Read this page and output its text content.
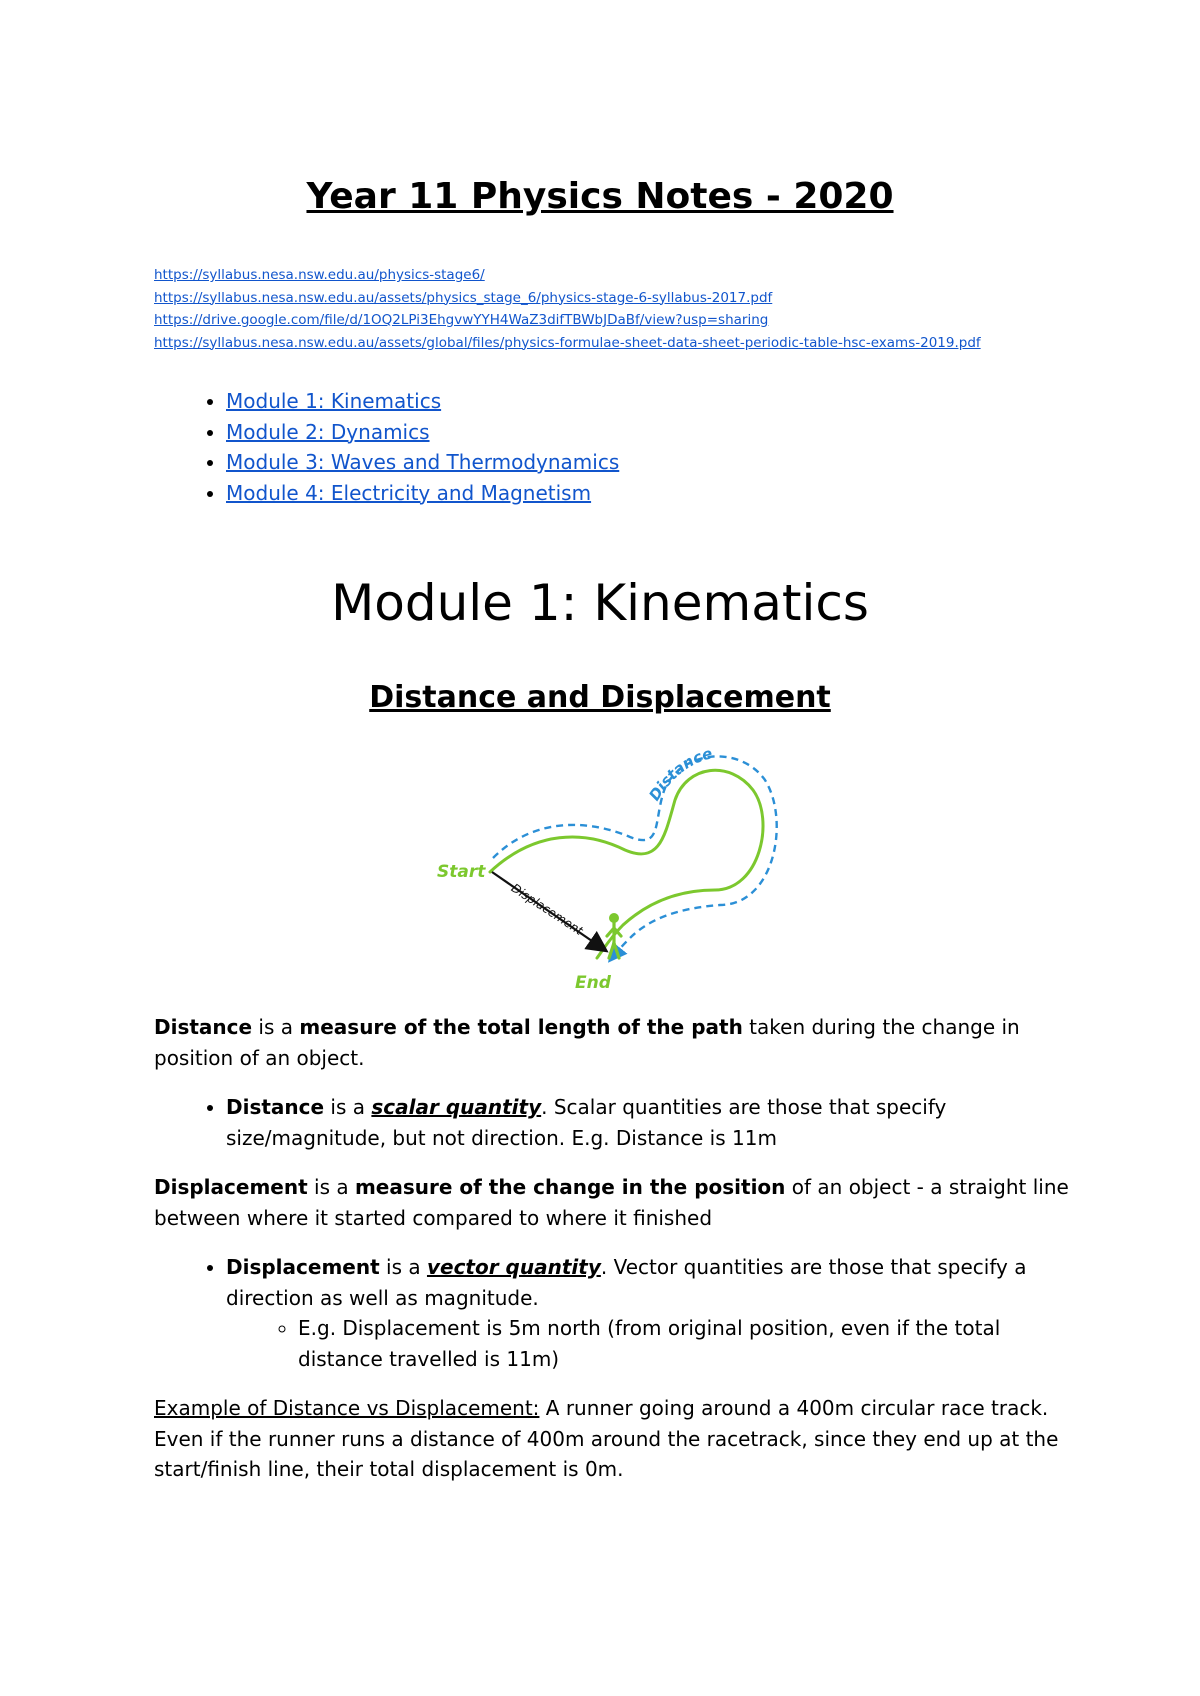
Year 11 Physics Notes - 2020
https://syllabus.nesa.nsw.edu.au/physics-stage6/
https://syllabus.nesa.nsw.edu.au/assets/physics_stage_6/physics-stage-6-syllabus-2017.pdf
https://drive.google.com/file/d/1OQ2LPi3EhgvwYYH4WaZ3difTBWbJDaBf/view?usp=sharing
https://syllabus.nesa.nsw.edu.au/assets/global/files/physics-formulae-sheet-data-sheet-periodic-table-hsc-exams-2019.pdf
• Module 1: Kinematics
• Module 2: Dynamics
• Module 3: Waves and Thermodynamics
• Module 4: Electricity and Magnetism
Module 1: Kinematics
Distance and Displacement
Start
End
Distance
Displacement

Distance is a measure of the total length of the path taken during the change in position of an object.

• Distance is a scalar quantity. Scalar quantities are those that specify size/magnitude, but not direction. E.g. Distance is 11m

Displacement is a measure of the change in the position of an object - a straight line between where it started compared to where it finished

• Displacement is a vector quantity. Vector quantities are those that specify a direction as well as magnitude.
◦ E.g. Displacement is 5m north (from original position, even if the total distance travelled is 11m)

Example of Distance vs Displacement: A runner going around a 400m circular race track. Even if the runner runs a distance of 400m around the racetrack, since they end up at the start/finish line, their total displacement is 0m.
